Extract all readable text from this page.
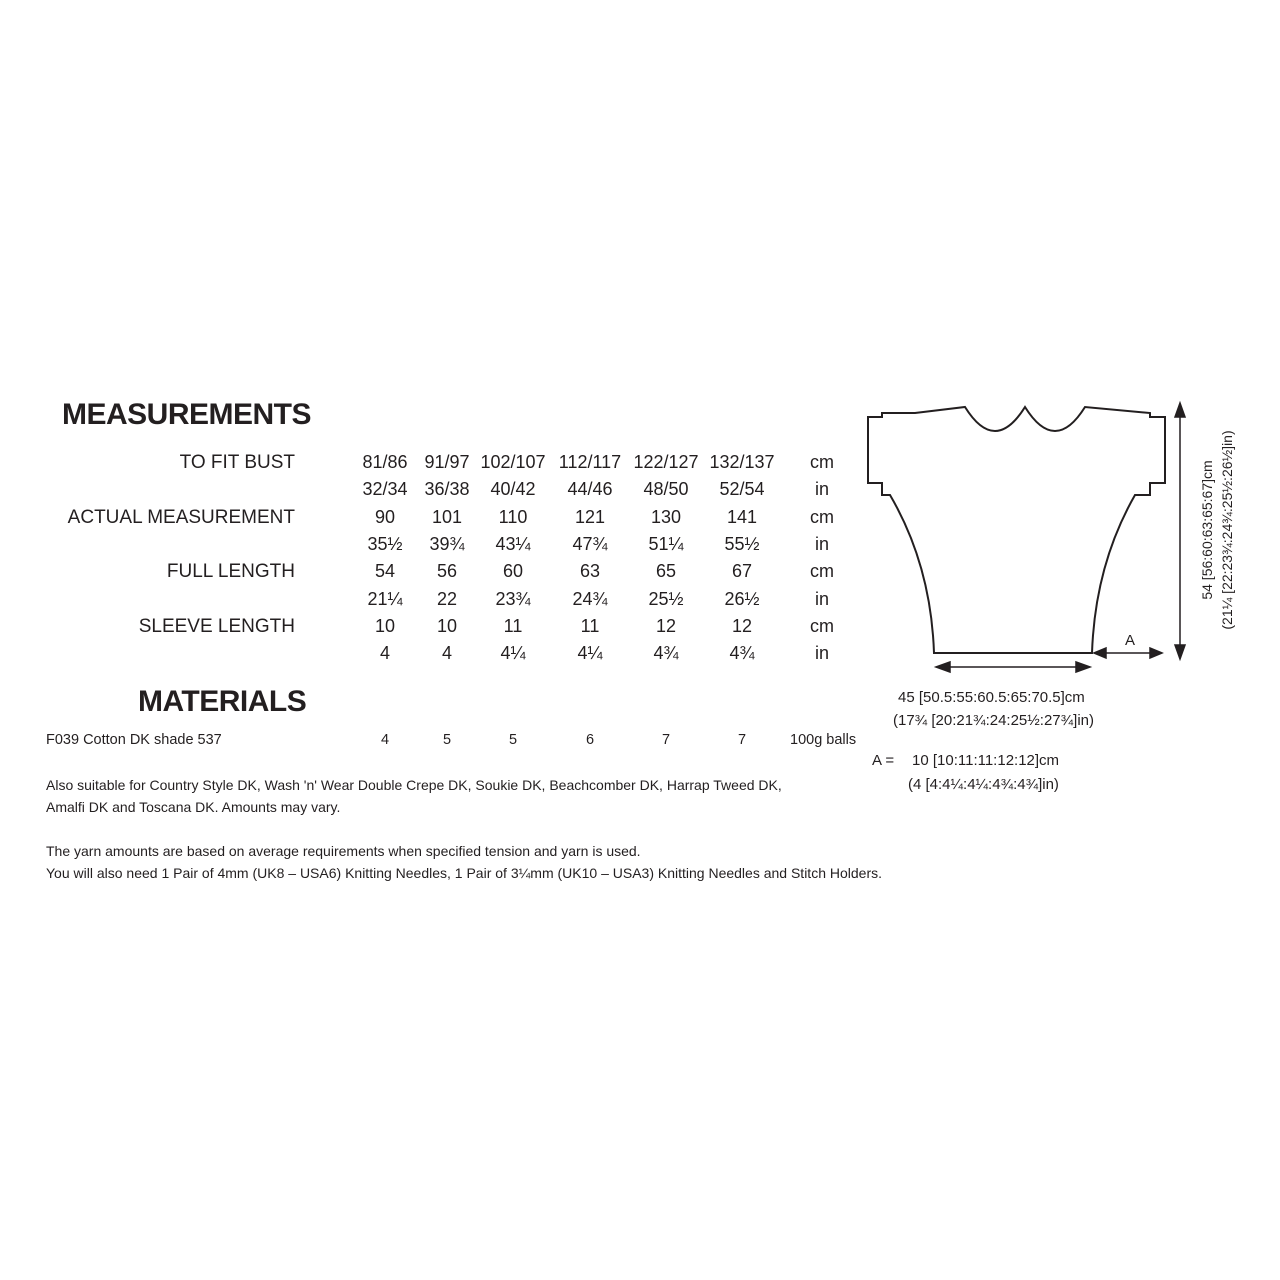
MEASUREMENTS
MATERIALS
TO FIT BUST	81/86 91/97 102/107 112/117 122/127 132/137	cm
32/34 36/38	40/42	44/46	48/50	52/54	in
ACTUAL MEASUREMENT	90	101	110	121	130	141	cm
35½	39¾	43¼	47¾	51¼	55½	in
FULL LENGTH	54	56	60	63	65	67	cm
21¼	22	23¾	24¾	25½	26½	in
SLEEVE LENGTH	10	10	11	11	12	12	cm
4	4	4¼	4¼	4¾	4¾	in
F039 Cotton DK shade 537	4	5	5	6	7	7	100g balls
Also suitable for Country Style DK, Wash 'n' Wear Double Crepe DK, Soukie DK, Beachcomber DK, Harrap Tweed DK,
Amalfi DK and Toscana DK. Amounts may vary.
The yarn amounts are based on average requirements when specified tension and yarn is used.
You will also need 1 Pair of 4mm (UK8 – USA6) Knitting Needles, 1 Pair of 3¼mm (UK10 – USA3) Knitting Needles and Stitch Holders.
A
54 [56:60:63:65:67]cm (21¼ [22:23¾:24¾:25½:26½]in)
45 [50.5:55:60.5:65:70.5]cm
(17¾ [20:21¾:24:25½:27¾]in)
A = 10 [10:11:11:12:12]cm
(4 [4:4¼:4¼:4¾:4¾]in)
